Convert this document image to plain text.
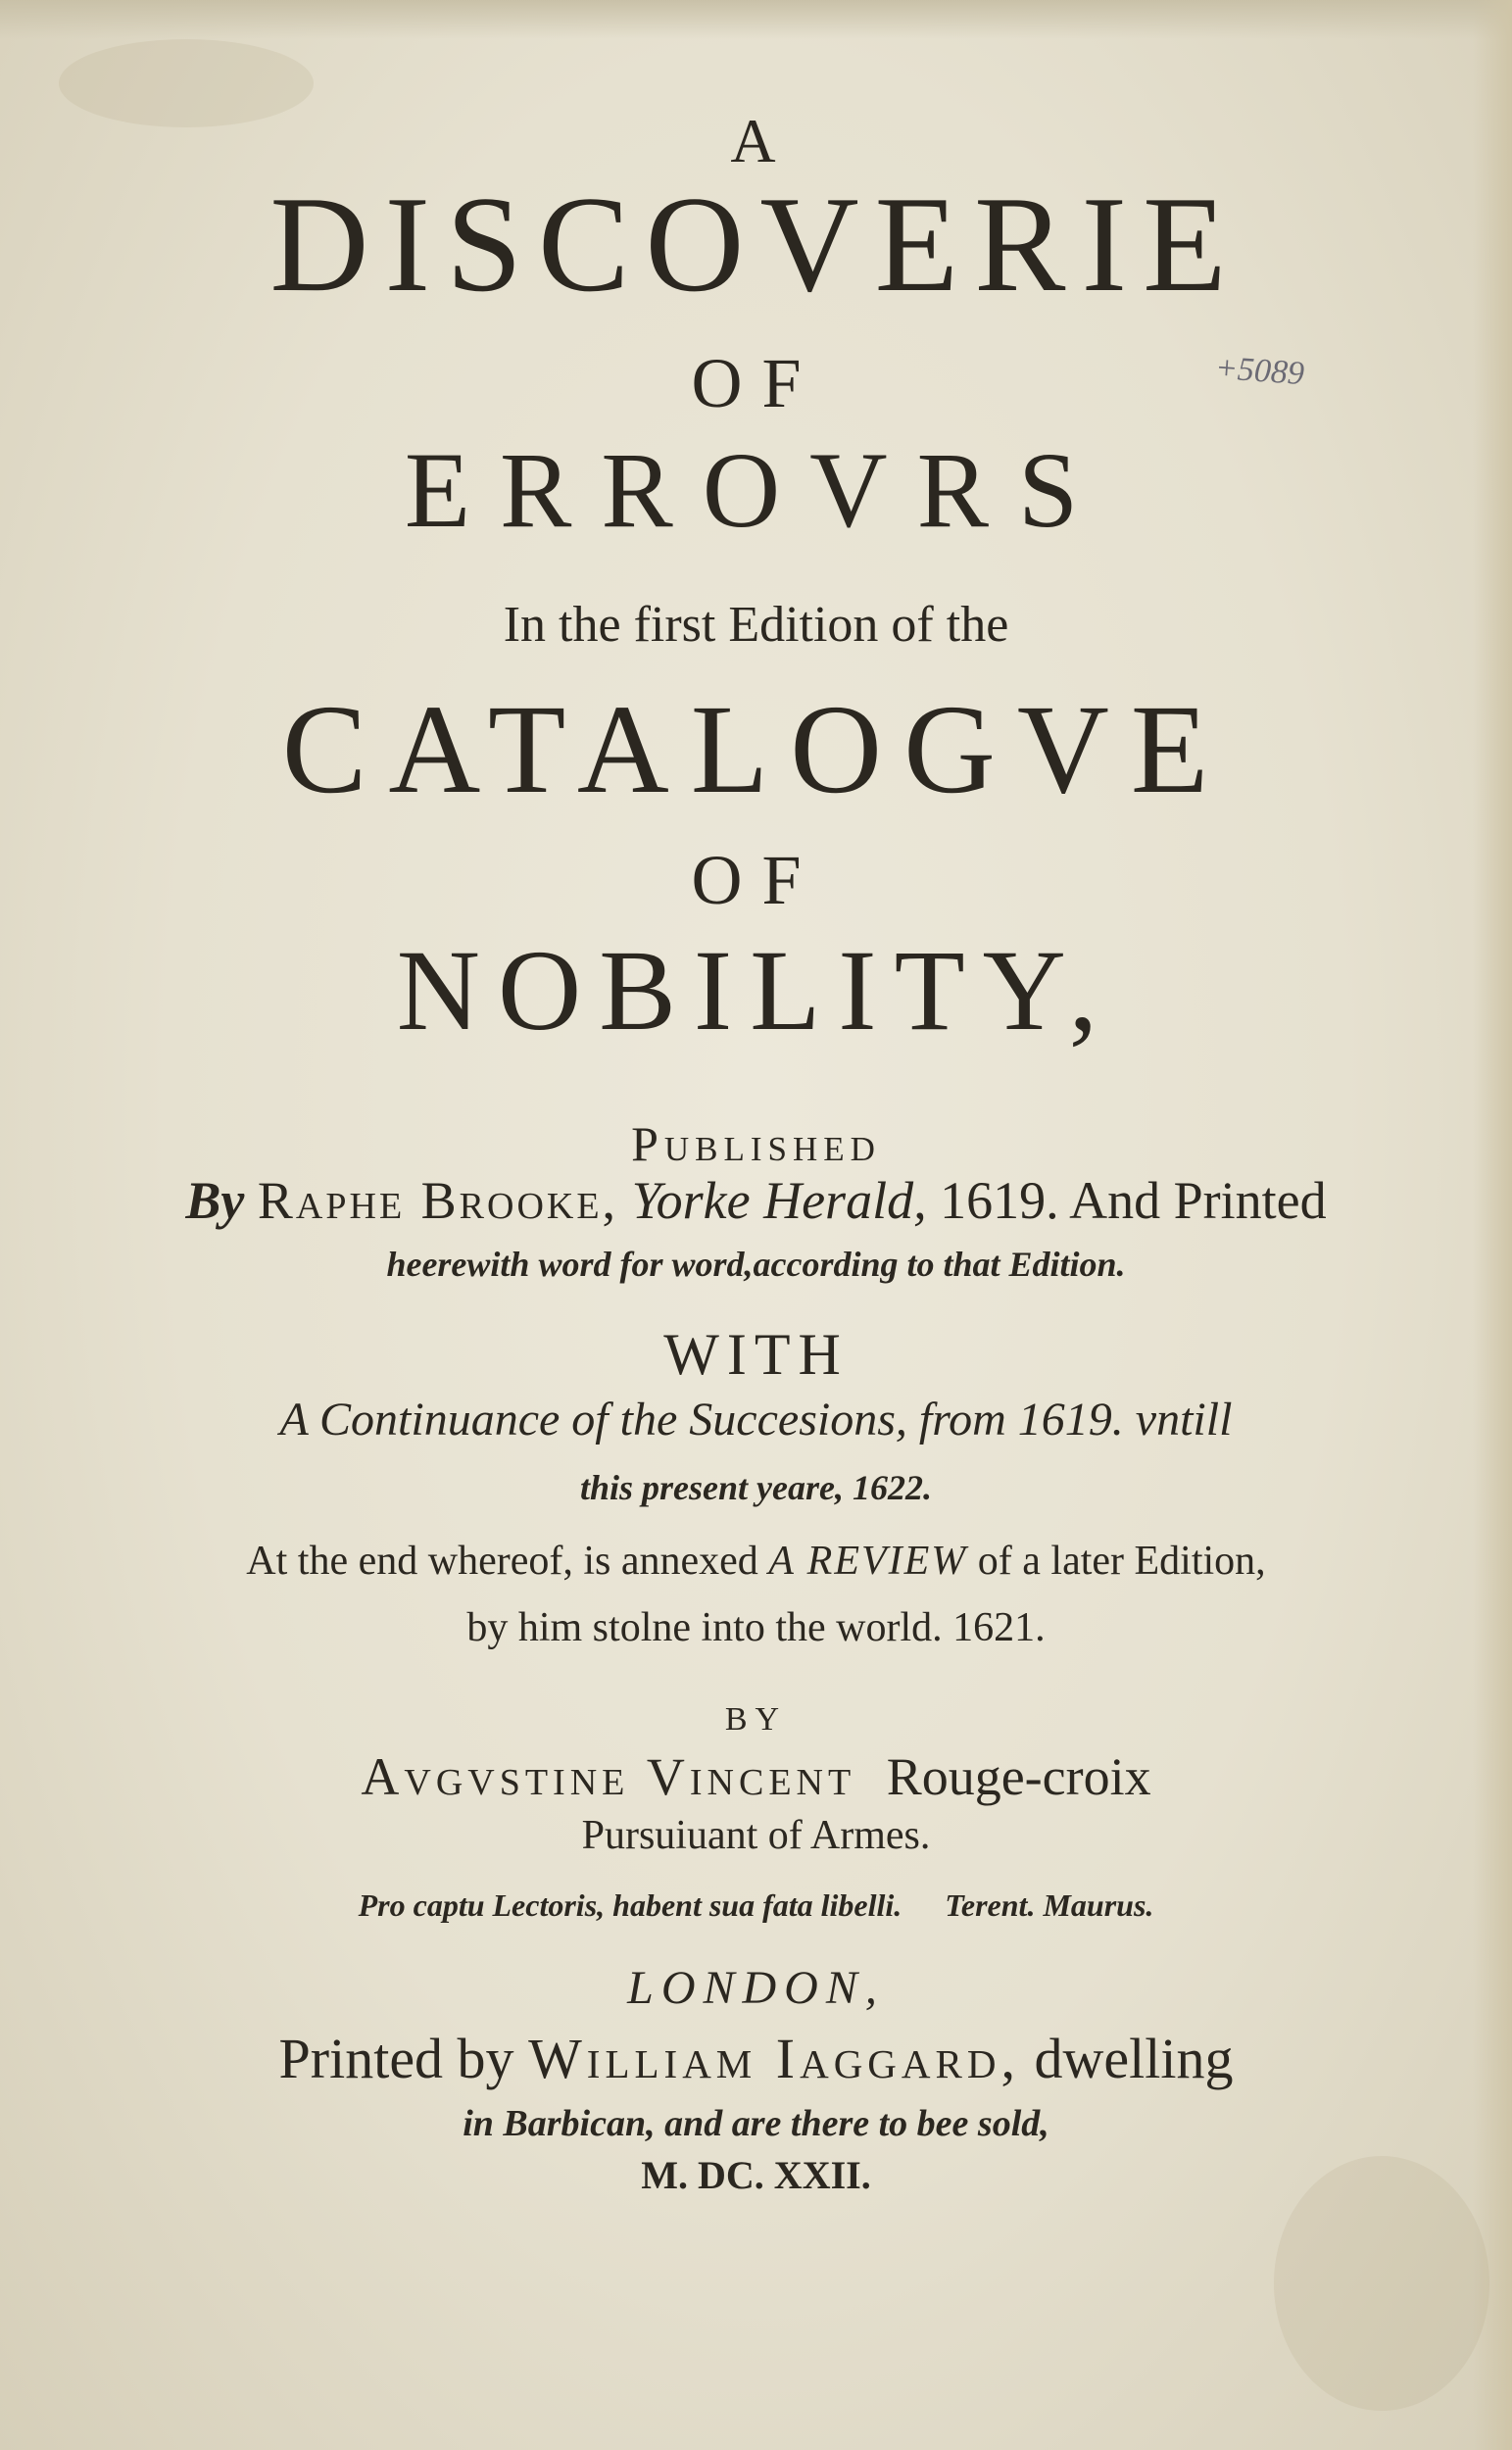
A
DISCOVERIE
OF
ERROVRS
In the first Edition of the
CATALOGVE
OF
NOBILITY,
Published
By Raphe Brooke, Yorke Herald, 1619. And Printed
heerewith word for word,according to that Edition.
WITH
A Continuance of the Succesions, from 1619. vntill
this present yeare, 1622.
At the end whereof, is annexed A REVIEW of a later Edition,
by him stolne into the world. 1621.
BY
Avgvstine Vincent Rouge-croix
Pursuiuant of Armes.
Pro captu Lectoris, habent sua fata libelli. Terent. Maurus.
LONDON,
Printed by William Iaggard, dwelling
in Barbican, and are there to bee sold,
M. DC. XXII.
+5089
